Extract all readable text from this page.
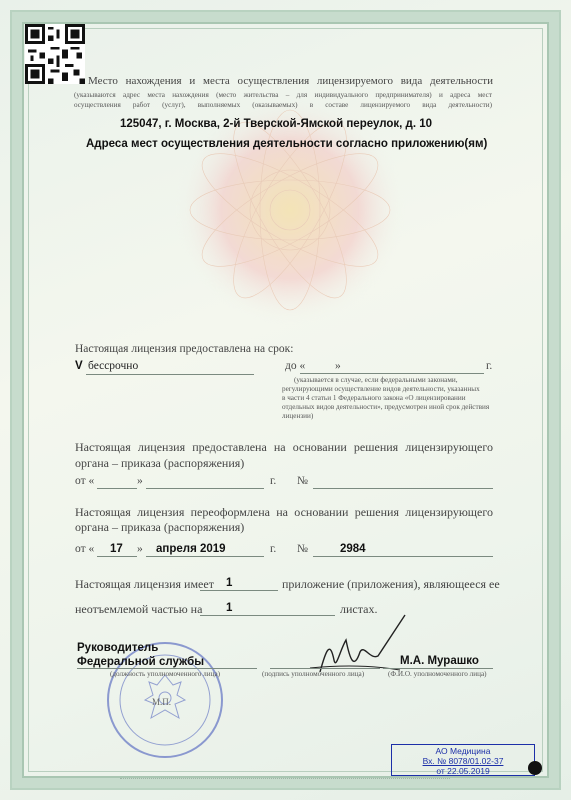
Место нахождения и места осуществления лицензируемого вида деятельности
(указываются адрес места нахождения (место жительства – для индивидуального предпринимателя) и адреса мест
осуществления работ (услуг), выполняемых (оказываемых) в составе лицензируемого вида деятельности)
125047, г. Москва, 2-й Тверской-Ямской переулок, д. 10
Адреса мест осуществления деятельности согласно приложению(ям)
Настоящая лицензия предоставлена на срок:
V бессрочно	до «	»	г.
(указывается в случае, если федеральными законами,
регулирующими осуществление видов деятельности, указанных
в части 4 статьи 1 Федерального закона «О лицензировании
отдельных видов деятельности», предусмотрен иной срок действия
лицензии)
Настоящая лицензия предоставлена на основании решения лицензирующего
органа – приказа (распоряжения)
от «	»	г. №
Настоящая лицензия переоформлена на основании решения лицензирующего
органа – приказа (распоряжения)
от « 17 » апреля 2019	г. №	2984
Настоящая лицензия имеет 1	приложение (приложения), являющееся ее
неотъемлемой частью на 1	листах.
Руководитель
Федеральной службы
(должность уполномоченного лица)	(подпись уполномоченного лица)
М.А. Мурашко
(Ф.И.О. уполномоченного лица)
М.П.
АО Медицина
Вх. № 8078/01.02-37
от 22.05.2019
